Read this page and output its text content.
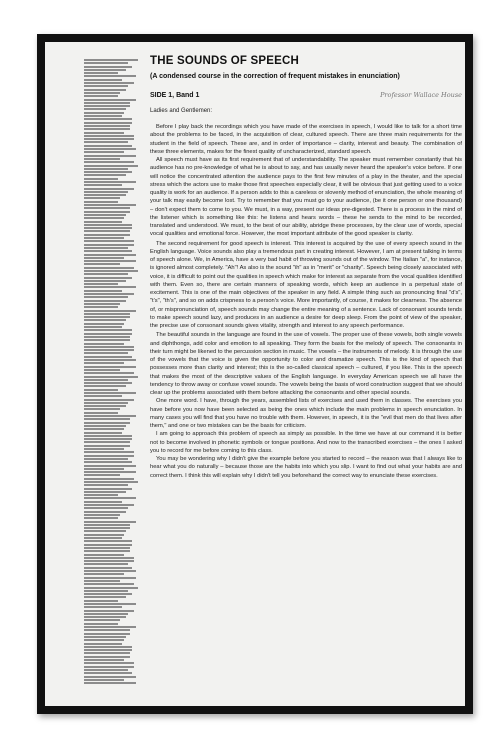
THE SOUNDS OF SPEECH
(A condensed course in the correction of frequent mistakes in enunciation)
SIDE 1, Band 1	Professor Wallace House
Ladies and Gentlemen:

Before I play back the recordings which you have made of the exercises in speech, I would like to talk for a short time about the problems to be faced, in the acquisition of clear, cultured speech. There are three main requirements for the student in the field of speech. These are, and in order of importance – clarity, interest and beauty. The combination of these three elements, makes for the finest quality of uncharacterized, standard speech.

All speech must have as its first requirement that of understandability. The speaker must remember constantly that his audience has no pre-knowledge of what he is about to say, and has usually never heard the speaker's voice before. If one will notice the concentrated attention the audience pays to the first few minutes of a play in the theater, and the special stress which the actors use to make those first speeches especially clear, it will be obvious that just getting used to a voice quality is work for an audience. If a person adds to this a careless or slovenly method of enunciation, the whole meaning of your talk may easily become lost. Try to remember that you must go to your audience, (be it one person or one thousand) – don't expect them to come to you. We must, in a way, present our ideas pre-digested. There is a process in the mind of the listener which is something like this: he listens and hears words – these he sends to the mind to be recorded, translated and understood. We must, to the best of our ability, abridge these processes, by the clear use of words, special vocal qualities and emotional force. However, the most important attribute of the good speaker is clarity.

The second requirement for good speech is interest. This interest is acquired by the use of every speech sound in the English language. Voice sounds also play a tremendous part in creating interest. However, I am at present talking in terms of speech alone. We, in America, have a very bad habit of throwing sounds out of the window. The Italian "a", for instance, is ignored almost completely. "Ah"! As also is the sound "ih" as in "merit" or "charity". Speech being closely associated with voice, it is difficult to point out the qualities in speech which make for interest as separate from the vocal qualities identified with them. Even so, there are certain manners of speaking words, which keep an audience in a perpetual state of excitement. This is one of the main objectives of the speaker in any field. A simple thing such as pronouncing final "d's", "t's", "th's", and so on adds crispness to a person's voice. More importantly, of course, it makes for clearness. The absence of, or mispronunciation of, speech sounds may change the entire meaning of a sentence. Lack of consonant sounds tends to make speech sound lazy, and produces in an audience a desire for deep sleep. From the point of view of the speaker, the precise use of consonant sounds gives vitality, strength and interest to any speech performance.

The beautiful sounds in the language are found in the use of vowels. The proper use of these vowels, both single vowels and diphthongs, add color and emotion to all speaking. They form the basis for the melody of speech. The consonants in their turn might be likened to the percussion section in music. The vowels – the instruments of melody. It is through the use of the vowels that the voice is given the opportunity to color and dramatize speech. This is the kind of speech that possesses more than clarity and interest; this is the so-called classical speech – cultured, if you like. This is the speech that makes the most of the descriptive values of the English language. In everyday American speech we all have the tendency to throw away or confuse vowel sounds. The vowels being the basis of word construction suggest that we should clear up the problems associated with them before attacking the consonants and other special sounds.

One more word. I have, through the years, assembled lists of exercises and used them in classes. The exercises you have before you now have been selected as being the ones which include the main problems in speech enunciation. In many cases you will find that you have no trouble with them. However, in speech, it is the "evil that men do that lives after them," and one or two mistakes can be the basis for criticism.

I am going to approach this problem of speech as simply as possible. In the time we have at our command it is better not to become involved in phonetic symbols or tongue positions. And now to the transcribed exercises – the ones I asked you to record for me before coming to this class.

You may be wondering why I didn't give the example before you started to record – the reason was that I always like to hear what you do naturally – because those are the habits into which you slip. I want to find out what your habits are and correct them. I think this will explain why I didn't tell you beforehand the correct way to enunciate these exercises.
